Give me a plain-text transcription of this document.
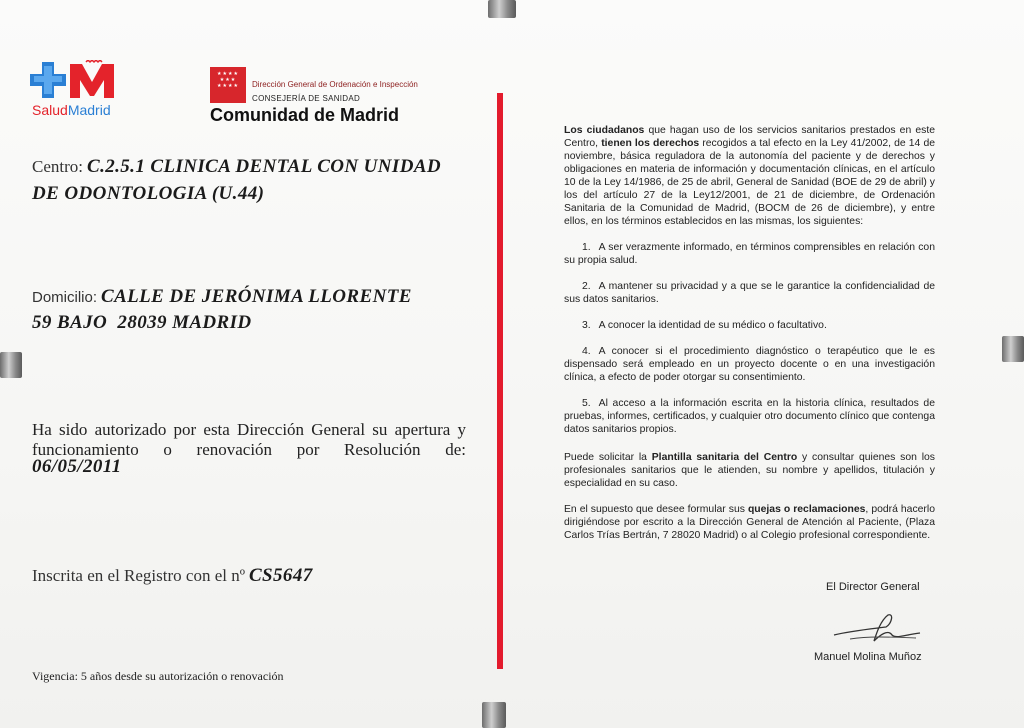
SaludMadrid
★★★★
★★★
★★★★	Dirección General de Ordenación e Inspección
CONSEJERÍA DE SANIDAD
Comunidad de Madrid
Centro: C.2.5.1 CLINICA DENTAL CON UNIDAD DE ODONTOLOGIA (U.44)
Domicilio: CALLE DE JERÓNIMA LLORENTE
59 BAJO  28039 MADRID
Ha sido autorizado por esta Dirección General su apertura y funcionamiento o renovación por Resolución de:
06/05/2011
Inscrita en el Registro con el nº CS5647
Vigencia: 5 años desde su autorización o renovación

Los ciudadanos que hagan uso de los servicios sanitarios prestados en este Centro, tienen los derechos recogidos a tal efecto en la Ley 41/2002, de 14 de noviembre, básica reguladora de la autonomía del paciente y de derechos y obligaciones en materia de información y documentación clínicas, en el artículo 10 de la Ley 14/1986, de 25 de abril, General de Sanidad (BOE de 29 de abril) y los del artículo 27 de la Ley12/2001, de 21 de diciembre, de Ordenación Sanitaria de la Comunidad de Madrid, (BOCM de 26 de diciembre), y entre ellos, en los términos establecidos en las mismas, los siguientes:

1. A ser verazmente informado, en términos comprensibles en relación con su propia salud.
2. A mantener su privacidad y a que se le garantice la confidencialidad de sus datos sanitarios.
3. A conocer la identidad de su médico o facultativo.
4. A conocer si el procedimiento diagnóstico o terapéutico que le es dispensado será empleado en un proyecto docente o en una investigación clínica, a efecto de poder otorgar su consentimiento.
5. Al acceso a la información escrita en la historia clínica, resultados de pruebas, informes, certificados, y cualquier otro documento clínico que contenga datos sanitarios propios.

Puede solicitar la Plantilla sanitaria del Centro y consultar quienes son los profesionales sanitarios que le atienden, su nombre y apellidos, titulación y especialidad en su caso.

En el supuesto que desee formular sus quejas o reclamaciones, podrá hacerlo dirigiéndose por escrito a la Dirección General de Atención al Paciente, (Plaza Carlos Trías Bertrán, 7 28020 Madrid) o al Colegio profesional correspondiente.

El Director General
Manuel Molina Muñoz
